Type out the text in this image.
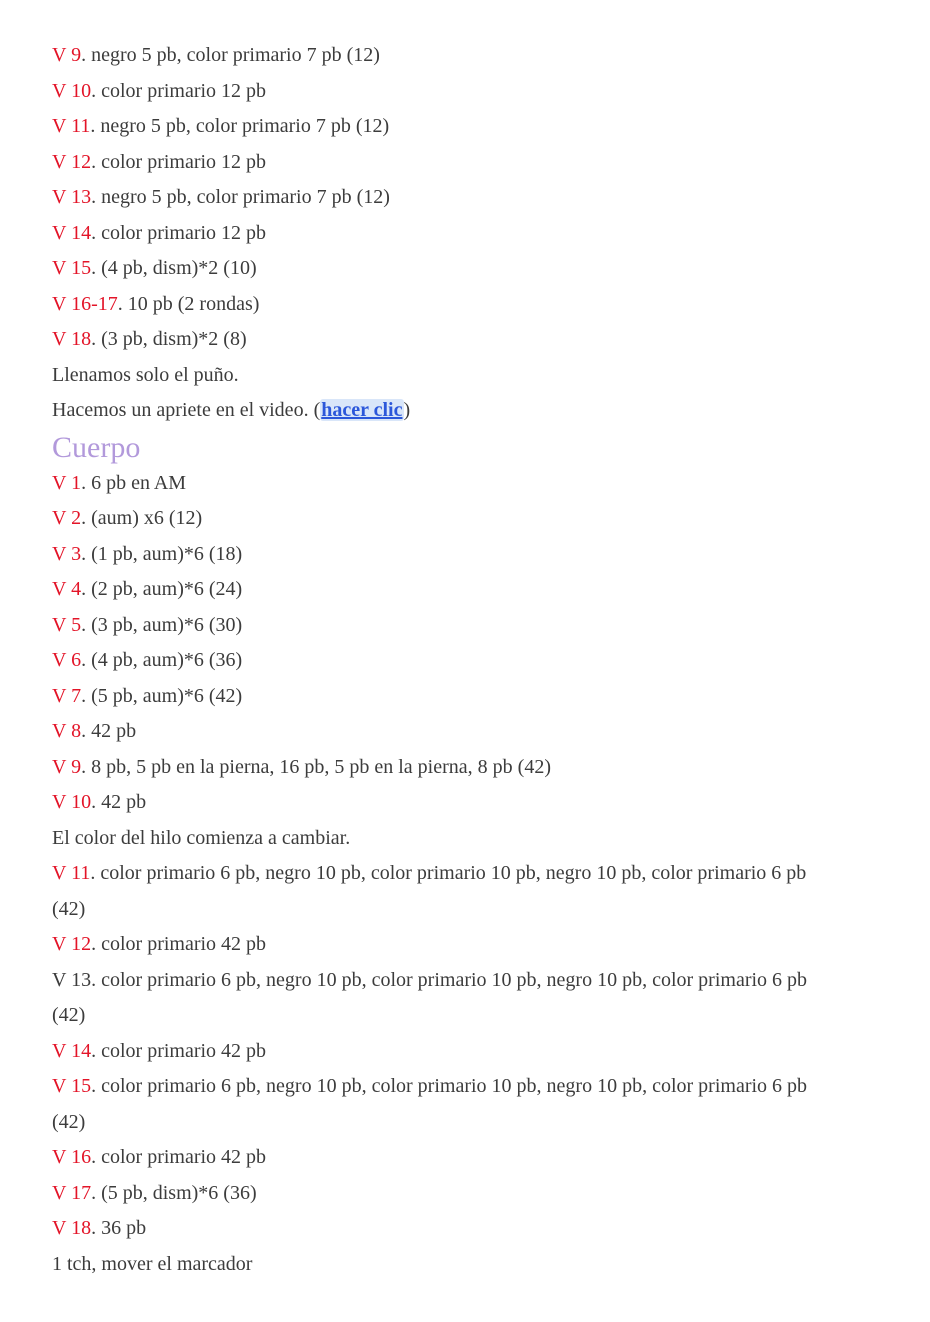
V 9. negro 5 pb, color primario 7 pb (12)

V 10. color primario 12 pb

V 11. negro 5 pb, color primario 7 pb (12)

V 12. color primario 12 pb

V 13. negro 5 pb, color primario 7 pb (12)

V 14. color primario 12 pb

V 15. (4 pb, dism)*2 (10)

V 16-17. 10 pb (2 rondas)

V 18. (3 pb, dism)*2 (8)

Llenamos solo el puño.

Hacemos un apriete en el video. (hacer clic)

Cuerpo

V 1. 6 pb en AM

V 2. (aum) x6 (12)

V 3. (1 pb, aum)*6 (18)

V 4. (2 pb, aum)*6 (24)

V 5. (3 pb, aum)*6 (30)

V 6. (4 pb, aum)*6 (36)

V 7. (5 pb, aum)*6 (42)

V 8. 42 pb

V 9. 8 pb, 5 pb en la pierna, 16 pb, 5 pb en la pierna, 8 pb (42)

V 10. 42 pb

El color del hilo comienza a cambiar.

V 11. color primario 6 pb, negro 10 pb, color primario 10 pb, negro 10 pb, color primario 6 pb

(42)

V 12. color primario 42 pb

V 13. color primario 6 pb, negro 10 pb, color primario 10 pb, negro 10 pb, color primario 6 pb

(42)

V 14. color primario 42 pb

V 15. color primario 6 pb, negro 10 pb, color primario 10 pb, negro 10 pb, color primario 6 pb

(42)

V 16. color primario 42 pb

V 17. (5 pb, dism)*6 (36)

V 18. 36 pb

1 tch, mover el marcador
